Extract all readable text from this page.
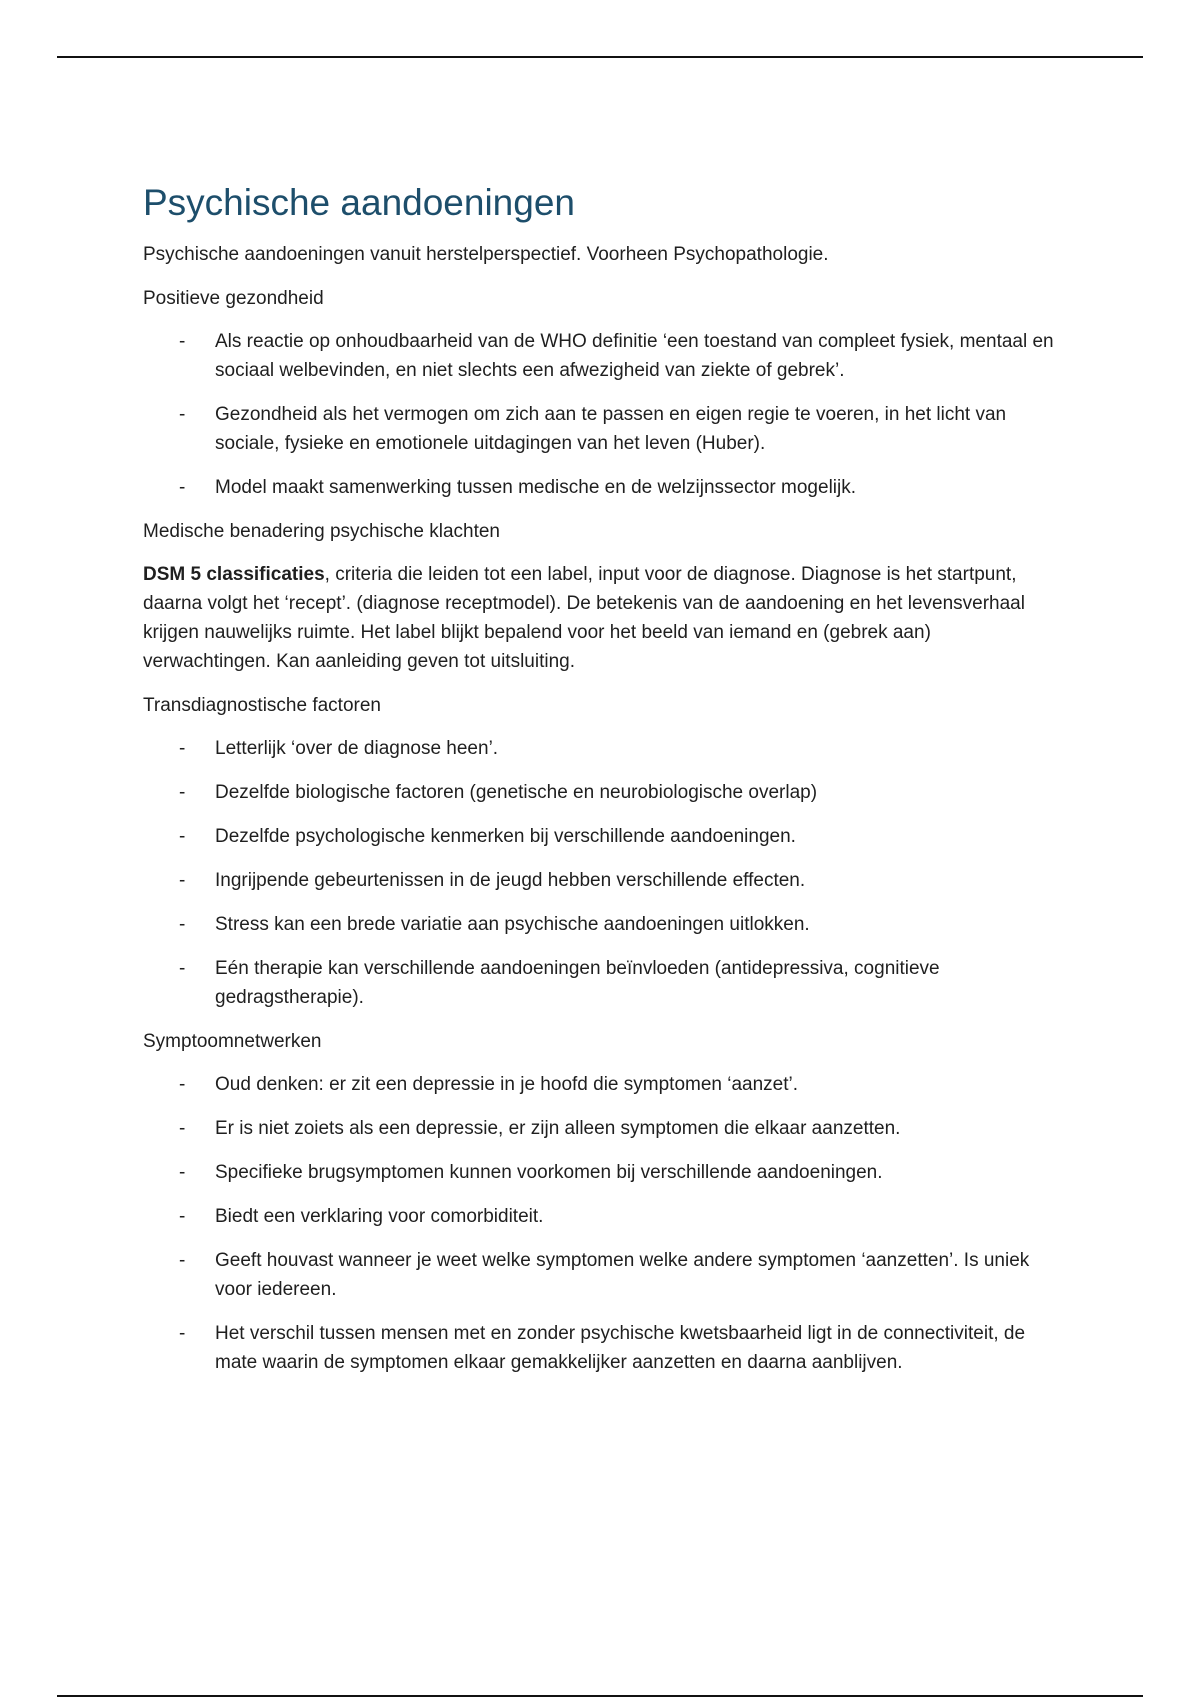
Psychische aandoeningen

Psychische aandoeningen vanuit herstelperspectief. Voorheen Psychopathologie.

Positieve gezondheid

- Als reactie op onhoudbaarheid van de WHO definitie ‘een toestand van compleet fysiek, mentaal en sociaal welbevinden, en niet slechts een afwezigheid van ziekte of gebrek’.
- Gezondheid als het vermogen om zich aan te passen en eigen regie te voeren, in het licht van sociale, fysieke en emotionele uitdagingen van het leven (Huber).
- Model maakt samenwerking tussen medische en de welzijnssector mogelijk.

Medische benadering psychische klachten

DSM 5 classificaties, criteria die leiden tot een label, input voor de diagnose. Diagnose is het startpunt, daarna volgt het ‘recept’. (diagnose receptmodel). De betekenis van de aandoening en het levensverhaal krijgen nauwelijks ruimte. Het label blijkt bepalend voor het beeld van iemand en (gebrek aan) verwachtingen. Kan aanleiding geven tot uitsluiting.

Transdiagnostische factoren

- Letterlijk ‘over de diagnose heen’.
- Dezelfde biologische factoren (genetische en neurobiologische overlap)
- Dezelfde psychologische kenmerken bij verschillende aandoeningen.
- Ingrijpende gebeurtenissen in de jeugd hebben verschillende effecten.
- Stress kan een brede variatie aan psychische aandoeningen uitlokken.
- Eén therapie kan verschillende aandoeningen beïnvloeden (antidepressiva, cognitieve gedragstherapie).

Symptoomnetwerken

- Oud denken: er zit een depressie in je hoofd die symptomen ‘aanzet’.
- Er is niet zoiets als een depressie, er zijn alleen symptomen die elkaar aanzetten.
- Specifieke brugsymptomen kunnen voorkomen bij verschillende aandoeningen.
- Biedt een verklaring voor comorbiditeit.
- Geeft houvast wanneer je weet welke symptomen welke andere symptomen ‘aanzetten’. Is uniek voor iedereen.
- Het verschil tussen mensen met en zonder psychische kwetsbaarheid ligt in de connectiviteit, de mate waarin de symptomen elkaar gemakkelijker aanzetten en daarna aanblijven.
